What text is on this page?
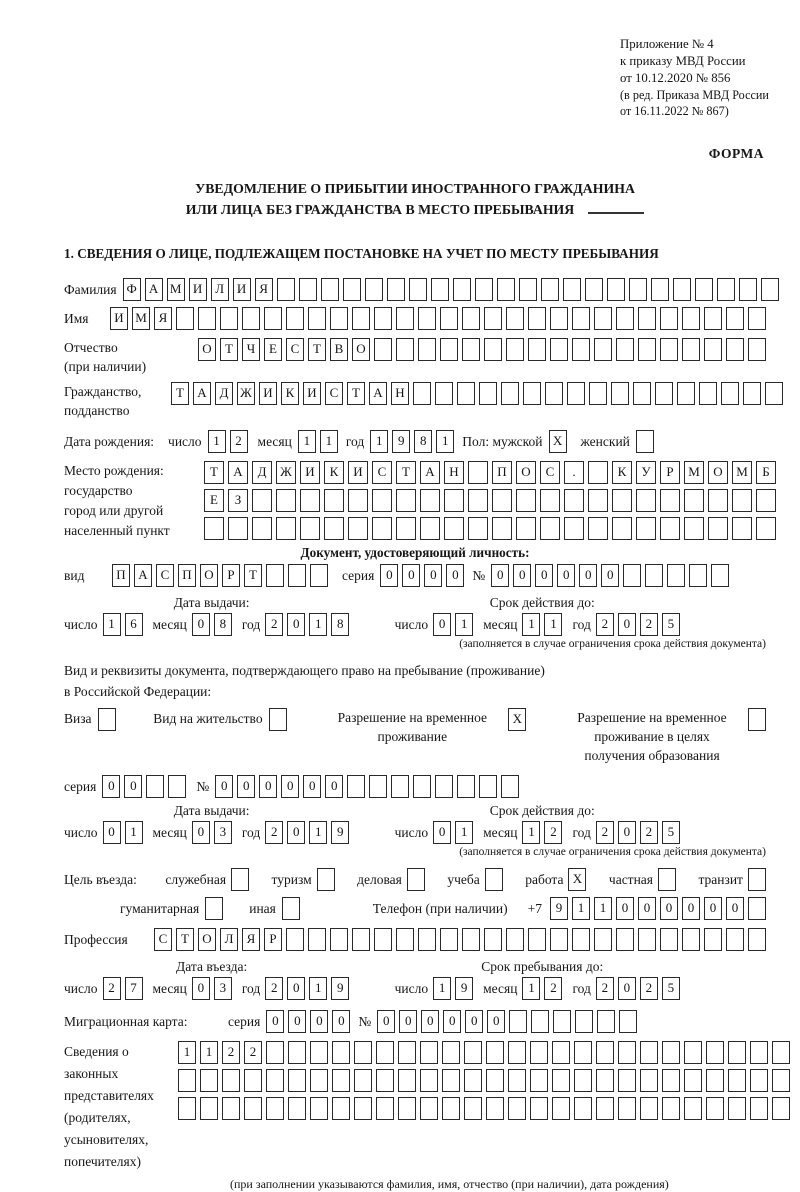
Приложение № 4
к приказу МВД России
от 10.12.2020 № 856
(в ред. Приказа МВД России
от 16.11.2022 № 867)
ФОРМА
УВЕДОМЛЕНИЕ О ПРИБЫТИИ ИНОСТРАННОГО ГРАЖДАНИНА
ИЛИ ЛИЦА БЕЗ ГРАЖДАНСТВА В МЕСТО ПРЕБЫВАНИЯ
1. СВЕДЕНИЯ О ЛИЦЕ, ПОДЛЕЖАЩЕМ ПОСТАНОВКЕ НА УЧЕТ ПО МЕСТУ ПРЕБЫВАНИЯ
Фамилия Ф А М И Л И Я
Имя	И М Я
Отчество
(при наличии)
О Т Ч Е С Т В О
Гражданство,
подданство
Т А Д Ж И К И С Т А Н
Дата рождения: число 1 2	месяц 1 1	год 1 9 8 1	Пол: мужской X	женский
Место рождения:
государство
город или другой
населенный пункт
Т А Д Ж И К И С Т А Н	П О С .	К У Р М О М Б
Е З
Документ, удостоверяющий личность:
вид	П А С П О Р Т	серия 0 0 0 0	№ 0 0 0 0 0 0
Дата выдачи:
число 1 6	месяц 0 8	год 2 0 1 8

Срок действия до:
число 0 1	месяц 1 1	год 2 0 2 5
(заполняется в случае ограничения срока действия документа)
Вид и реквизиты документа, подтверждающего право на пребывание (проживание)
в Российской Федерации:
Виза	Вид на жительство	Разрешение на временное проживание
X	Разрешение на временное проживание в целях получения образования
серия 0 0	№ 0 0 0 0 0 0
Дата выдачи:
число 0 1	месяц 0 3	год 2 0 1 9

Срок действия до:
число 0 1	месяц 1 2	год 2 0 2 5
(заполняется в случае ограничения срока действия документа)
Цель въезда: служебная	туризм	деловая	учеба	работа X	частная	транзит
гуманитарная	иная	Телефон (при наличии) +7	9 1 1 0 0 0 0 0 0
Профессия	С Т О Л Я Р
Дата въезда:
число 2 7	месяц 0 3	год 2 0 1 9

Срок пребывания до:
число 1 9	месяц 1 2	год 2 0 2 5
Миграционная карта:	серия 0 0 0 0	№ 0 0 0 0 0 0
Сведения о законных представителях (родителях, усыновителях, попечителях)
1 1 2 2
(при заполнении указываются фамилия, имя, отчество (при наличии), дата рождения)
